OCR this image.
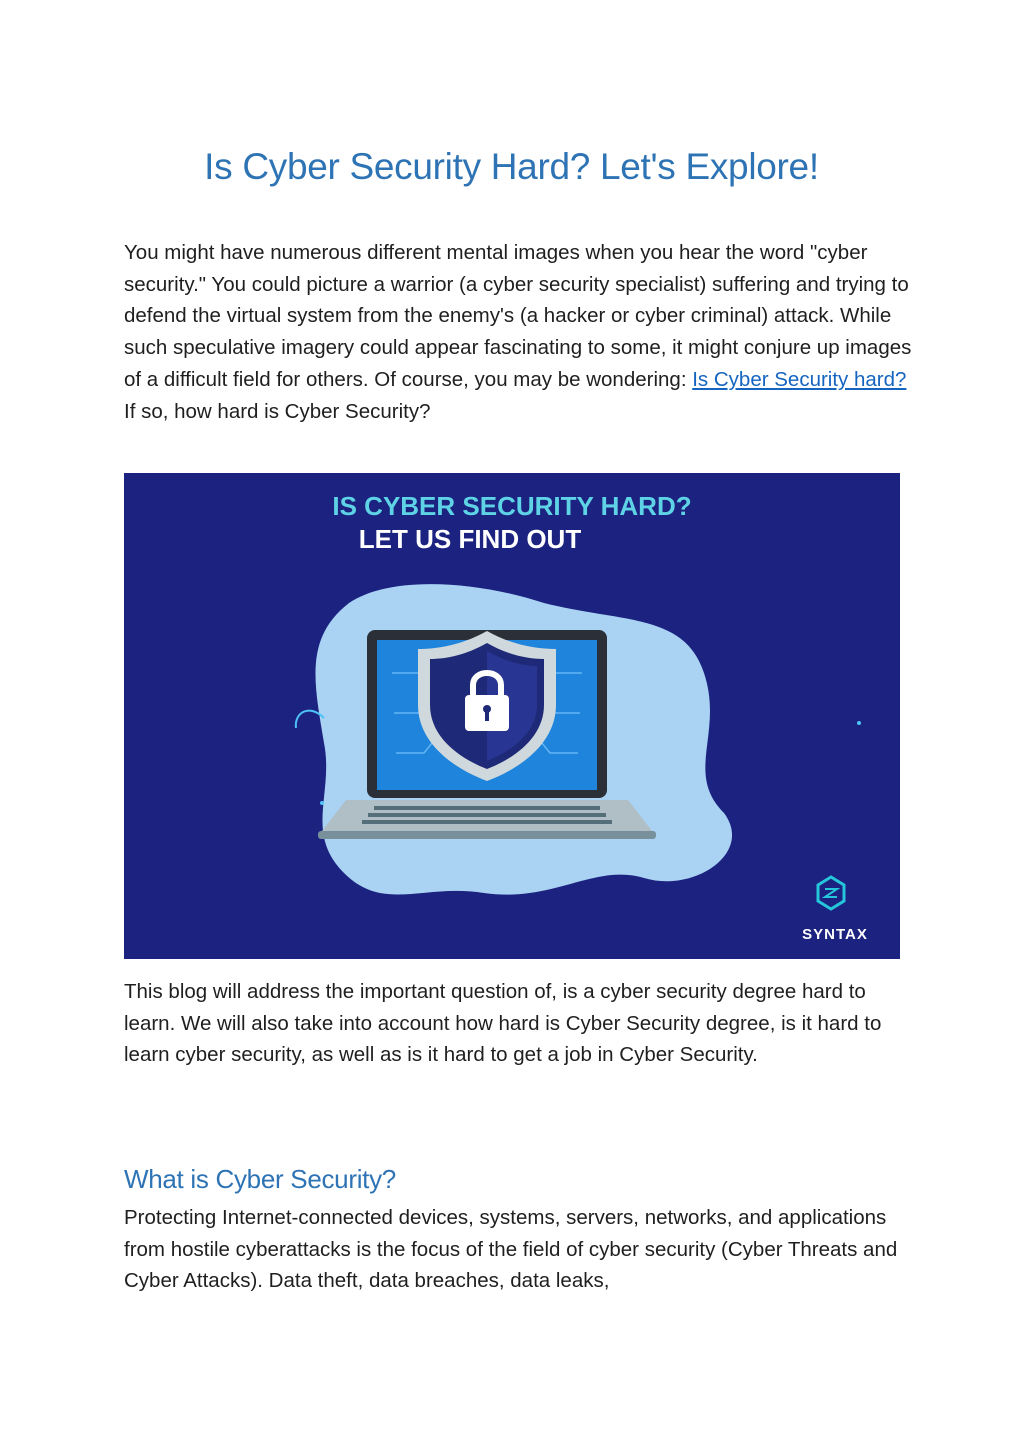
Is Cyber Security Hard? Let's Explore!

You might have numerous different mental images when you hear the word "cyber security." You could picture a warrior (a cyber security specialist) suffering and trying to defend the virtual system from the enemy's (a hacker or cyber criminal) attack. While such speculative imagery could appear fascinating to some, it might conjure up images of a difficult field for others. Of course, you may be wondering: Is Cyber Security hard? If so, how hard is Cyber Security?

IS CYBER SECURITY HARD?
LET US FIND OUT
SYNTAX

This blog will address the important question of, is a cyber security degree hard to learn. We will also take into account how hard is Cyber Security degree, is it hard to learn cyber security, as well as is it hard to get a job in Cyber Security.

What is Cyber Security?

Protecting Internet-connected devices, systems, servers, networks, and applications from hostile cyberattacks is the focus of the field of cyber security (Cyber Threats and Cyber Attacks). Data theft, data breaches, data leaks,
